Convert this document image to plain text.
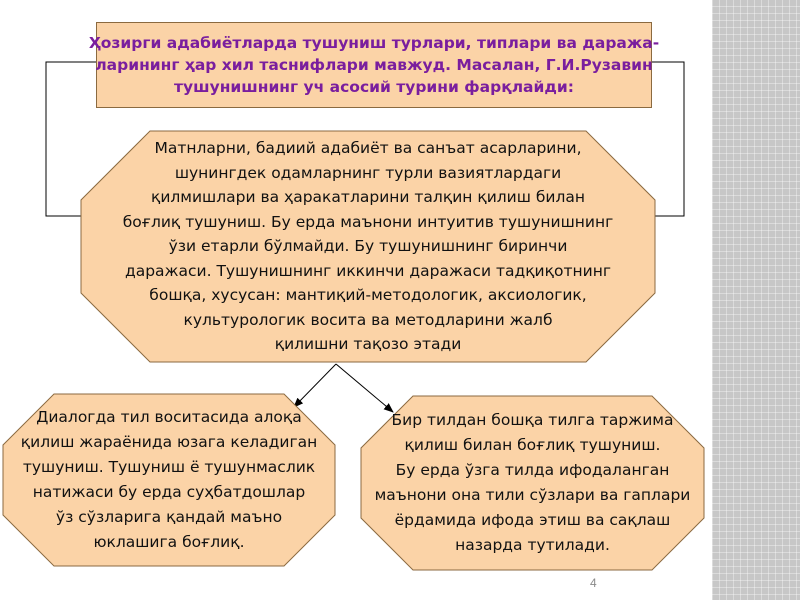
Ҳозирги адабиётларда тушуниш турлари, типлари ва даража-
ларининг ҳар хил таснифлари мавжуд. Масалан, Г.И.Рузавин
тушунишнинг уч асосий турини фарқлайди:

Матнларни, бадиий адабиёт ва санъат асарларини,
шунингдек одамларнинг турли вазиятлардаги
қилмишлари ва ҳаракатларини талқин қилиш билан
боғлиқ тушуниш. Бу ерда маънони интуитив тушунишнинг
ўзи етарли бўлмайди. Бу тушунишнинг биринчи
даражаси. Тушунишнинг иккинчи даражаси тадқиқотнинг
бошқа, хусусан: мантиқий-методологик, аксиологик,
культурологик восита ва методларини жалб
қилишни тақозо этади
Диалогда тил воситасида алоқа
қилиш жараёнида юзага келадиган
тушуниш. Тушуниш ё тушунмаслик
натижаси бу ерда суҳбатдошлар
ўз сўзларига қандай маъно
юклашига боғлиқ.
Бир тилдан бошқа тилга таржима
қилиш билан боғлиқ тушуниш.
Бу ерда ўзга тилда ифодаланган
маънони она тили сўзлари ва гаплари
ёрдамида ифода этиш ва сақлаш
назарда тутилади.
4
